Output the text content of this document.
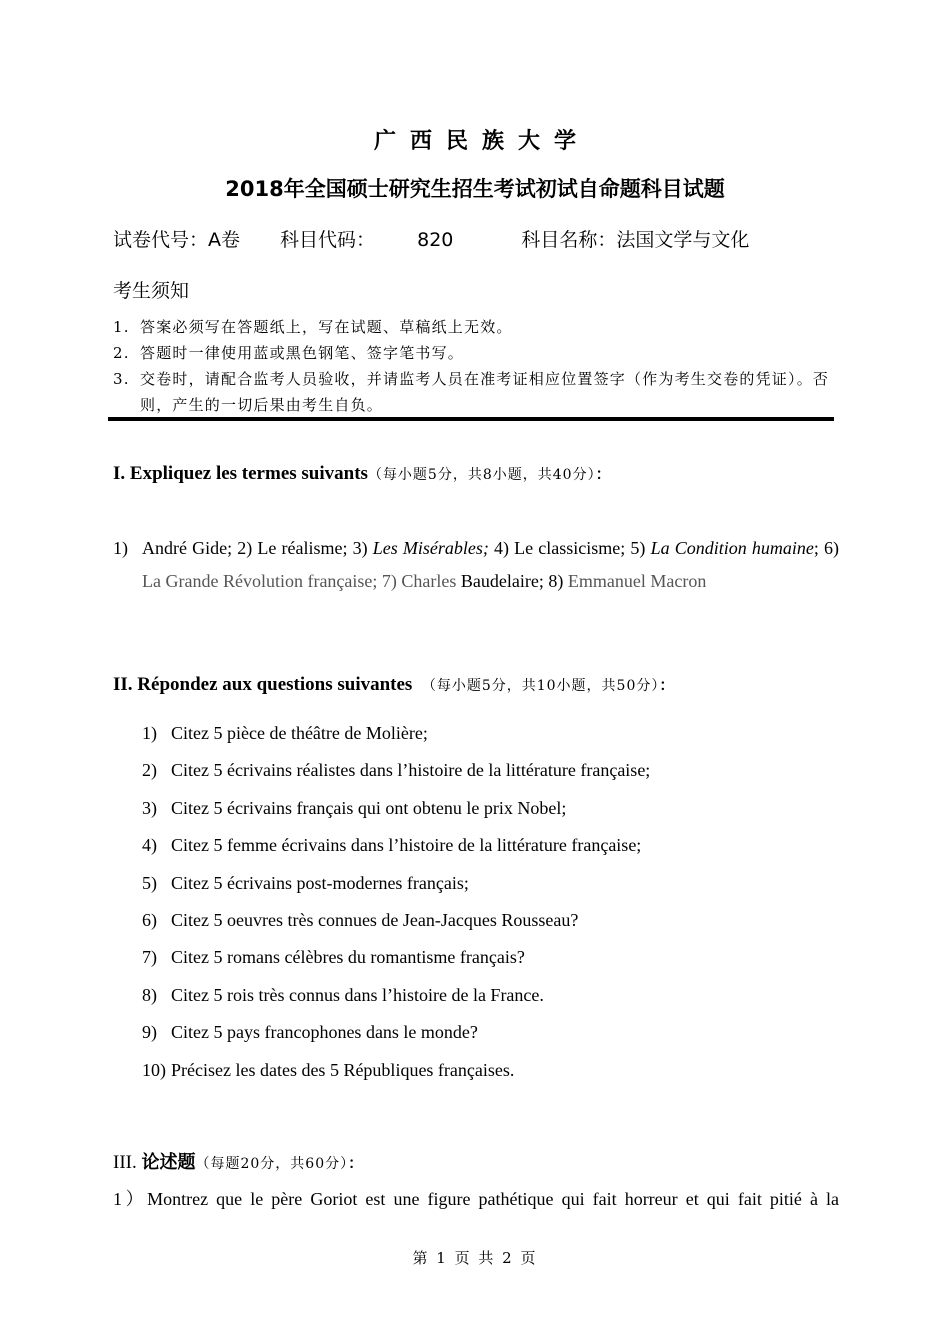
广西民族大学
2018年全国硕士研究生招生考试初试自命题科目试题
试卷代号：A卷 科目代码： 820	科目名称：法国文学与文化
考生须知
1. 答案必须写在答题纸上，写在试题、草稿纸上无效。
2. 答题时一律使用蓝或黑色钢笔、签字笔书写。
3. 交卷时，请配合监考人员验收，并请监考人员在准考证相应位置签字（作为考生交卷的凭证）。否则，产生的一切后果由考生自负。
I. Expliquez les termes suivants（每小题5分，共8小题，共40分）：
1) André Gide; 2) Le réalisme; 3) Les Misérables; 4) Le classicisme; 5) La Condition humaine; 6) La Grande Révolution française; 7) Charles Baudelaire; 8) Emmanuel Macron
II. Répondez aux questions suivantes （每小题5分，共10小题，共50分）：
1) Citez 5 pièce de théâtre de Molière;
2) Citez 5 écrivains réalistes dans l’histoire de la littérature française;
3) Citez 5 écrivains français qui ont obtenu le prix Nobel;
4) Citez 5 femme écrivains dans l’histoire de la littérature française;
5) Citez 5 écrivains post-modernes français;
6) Citez 5 oeuvres très connues de Jean-Jacques Rousseau?
7) Citez 5 romans célèbres du romantisme français?
8) Citez 5 rois très connus dans l’histoire de la France.
9) Citez 5 pays francophones dans le monde?
10) Précisez les dates des 5 Républiques françaises.
III. 论述题（每题20分，共60分）：
1）Montrez que le père Goriot est une figure pathétique qui fait horreur et qui fait pitié à la
第 1 页 共 2 页
